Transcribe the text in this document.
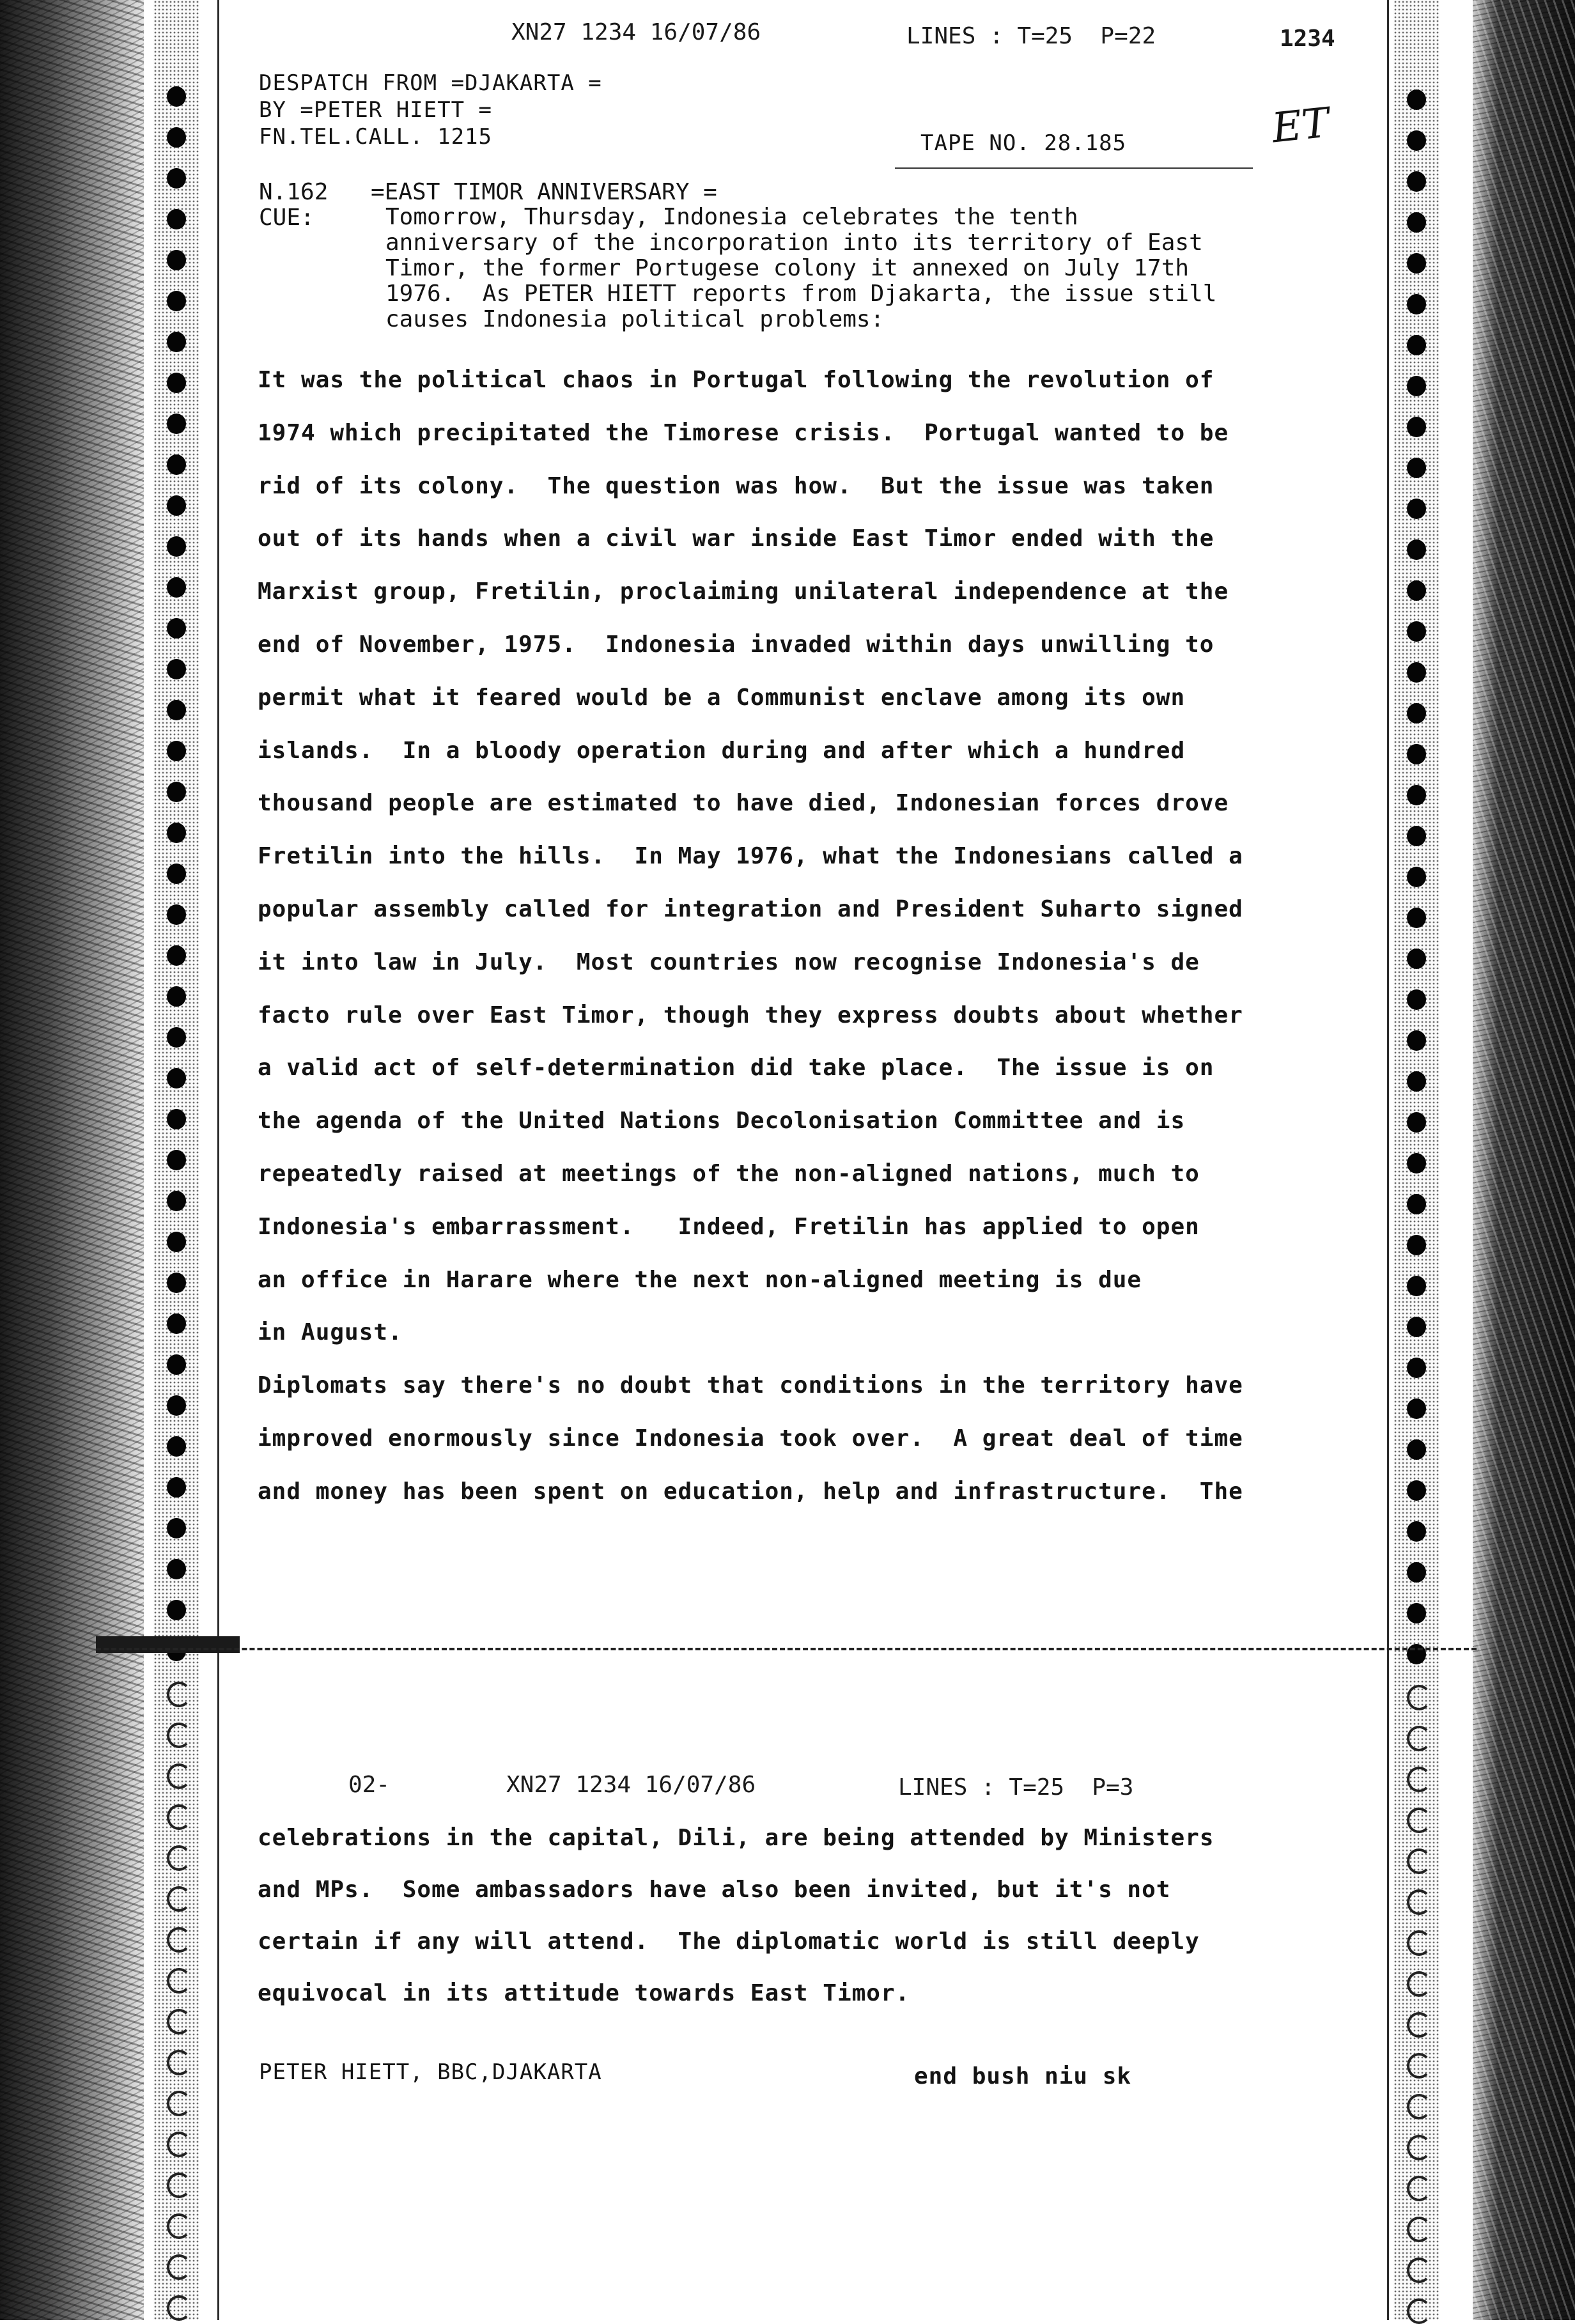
XN27 1234 16/07/86	LINES : T=25  P=22	1234
DESPATCH FROM =DJAKARTA =
BY =PETER HIETT =
FN.TEL.CALL. 1215	TAPE NO. 28.185	ET
N.162 =EAST TIMOR ANNIVERSARY =
CUE:	Tomorrow, Thursday, Indonesia celebrates the tenth
anniversary of the incorporation into its territory of East
Timor, the former Portugese colony it annexed on July 17th
1976.  As PETER HIETT reports from Djakarta, the issue still
causes Indonesia political problems:
It was the political chaos in Portugal following the revolution of
1974 which precipitated the Timorese crisis.  Portugal wanted to be
rid of its colony.  The question was how.  But the issue was taken
out of its hands when a civil war inside East Timor ended with the
Marxist group, Fretilin, proclaiming unilateral independence at the
end of November, 1975.  Indonesia invaded within days unwilling to
permit what it feared would be a Communist enclave among its own
islands.  In a bloody operation during and after which a hundred
thousand people are estimated to have died, Indonesian forces drove
Fretilin into the hills.  In May 1976, what the Indonesians called a
popular assembly called for integration and President Suharto signed
it into law in July.  Most countries now recognise Indonesia's de
facto rule over East Timor, though they express doubts about whether
a valid act of self-determination did take place.  The issue is on
the agenda of the United Nations Decolonisation Committee and is
repeatedly raised at meetings of the non-aligned nations, much to
Indonesia's embarrassment.   Indeed, Fretilin has applied to open
an office in Harare where the next non-aligned meeting is due
in August.
Diplomats say there's no doubt that conditions in the territory have
improved enormously since Indonesia took over.  A great deal of time
and money has been spent on education, help and infrastructure.  The
02-	XN27 1234 16/07/86	LINES : T=25  P=3
celebrations in the capital, Dili, are being attended by Ministers
and MPs.  Some ambassadors have also been invited, but it's not
certain if any will attend.  The diplomatic world is still deeply
equivocal in its attitude towards East Timor.
PETER HIETT, BBC,DJAKARTA	end bush niu sk
